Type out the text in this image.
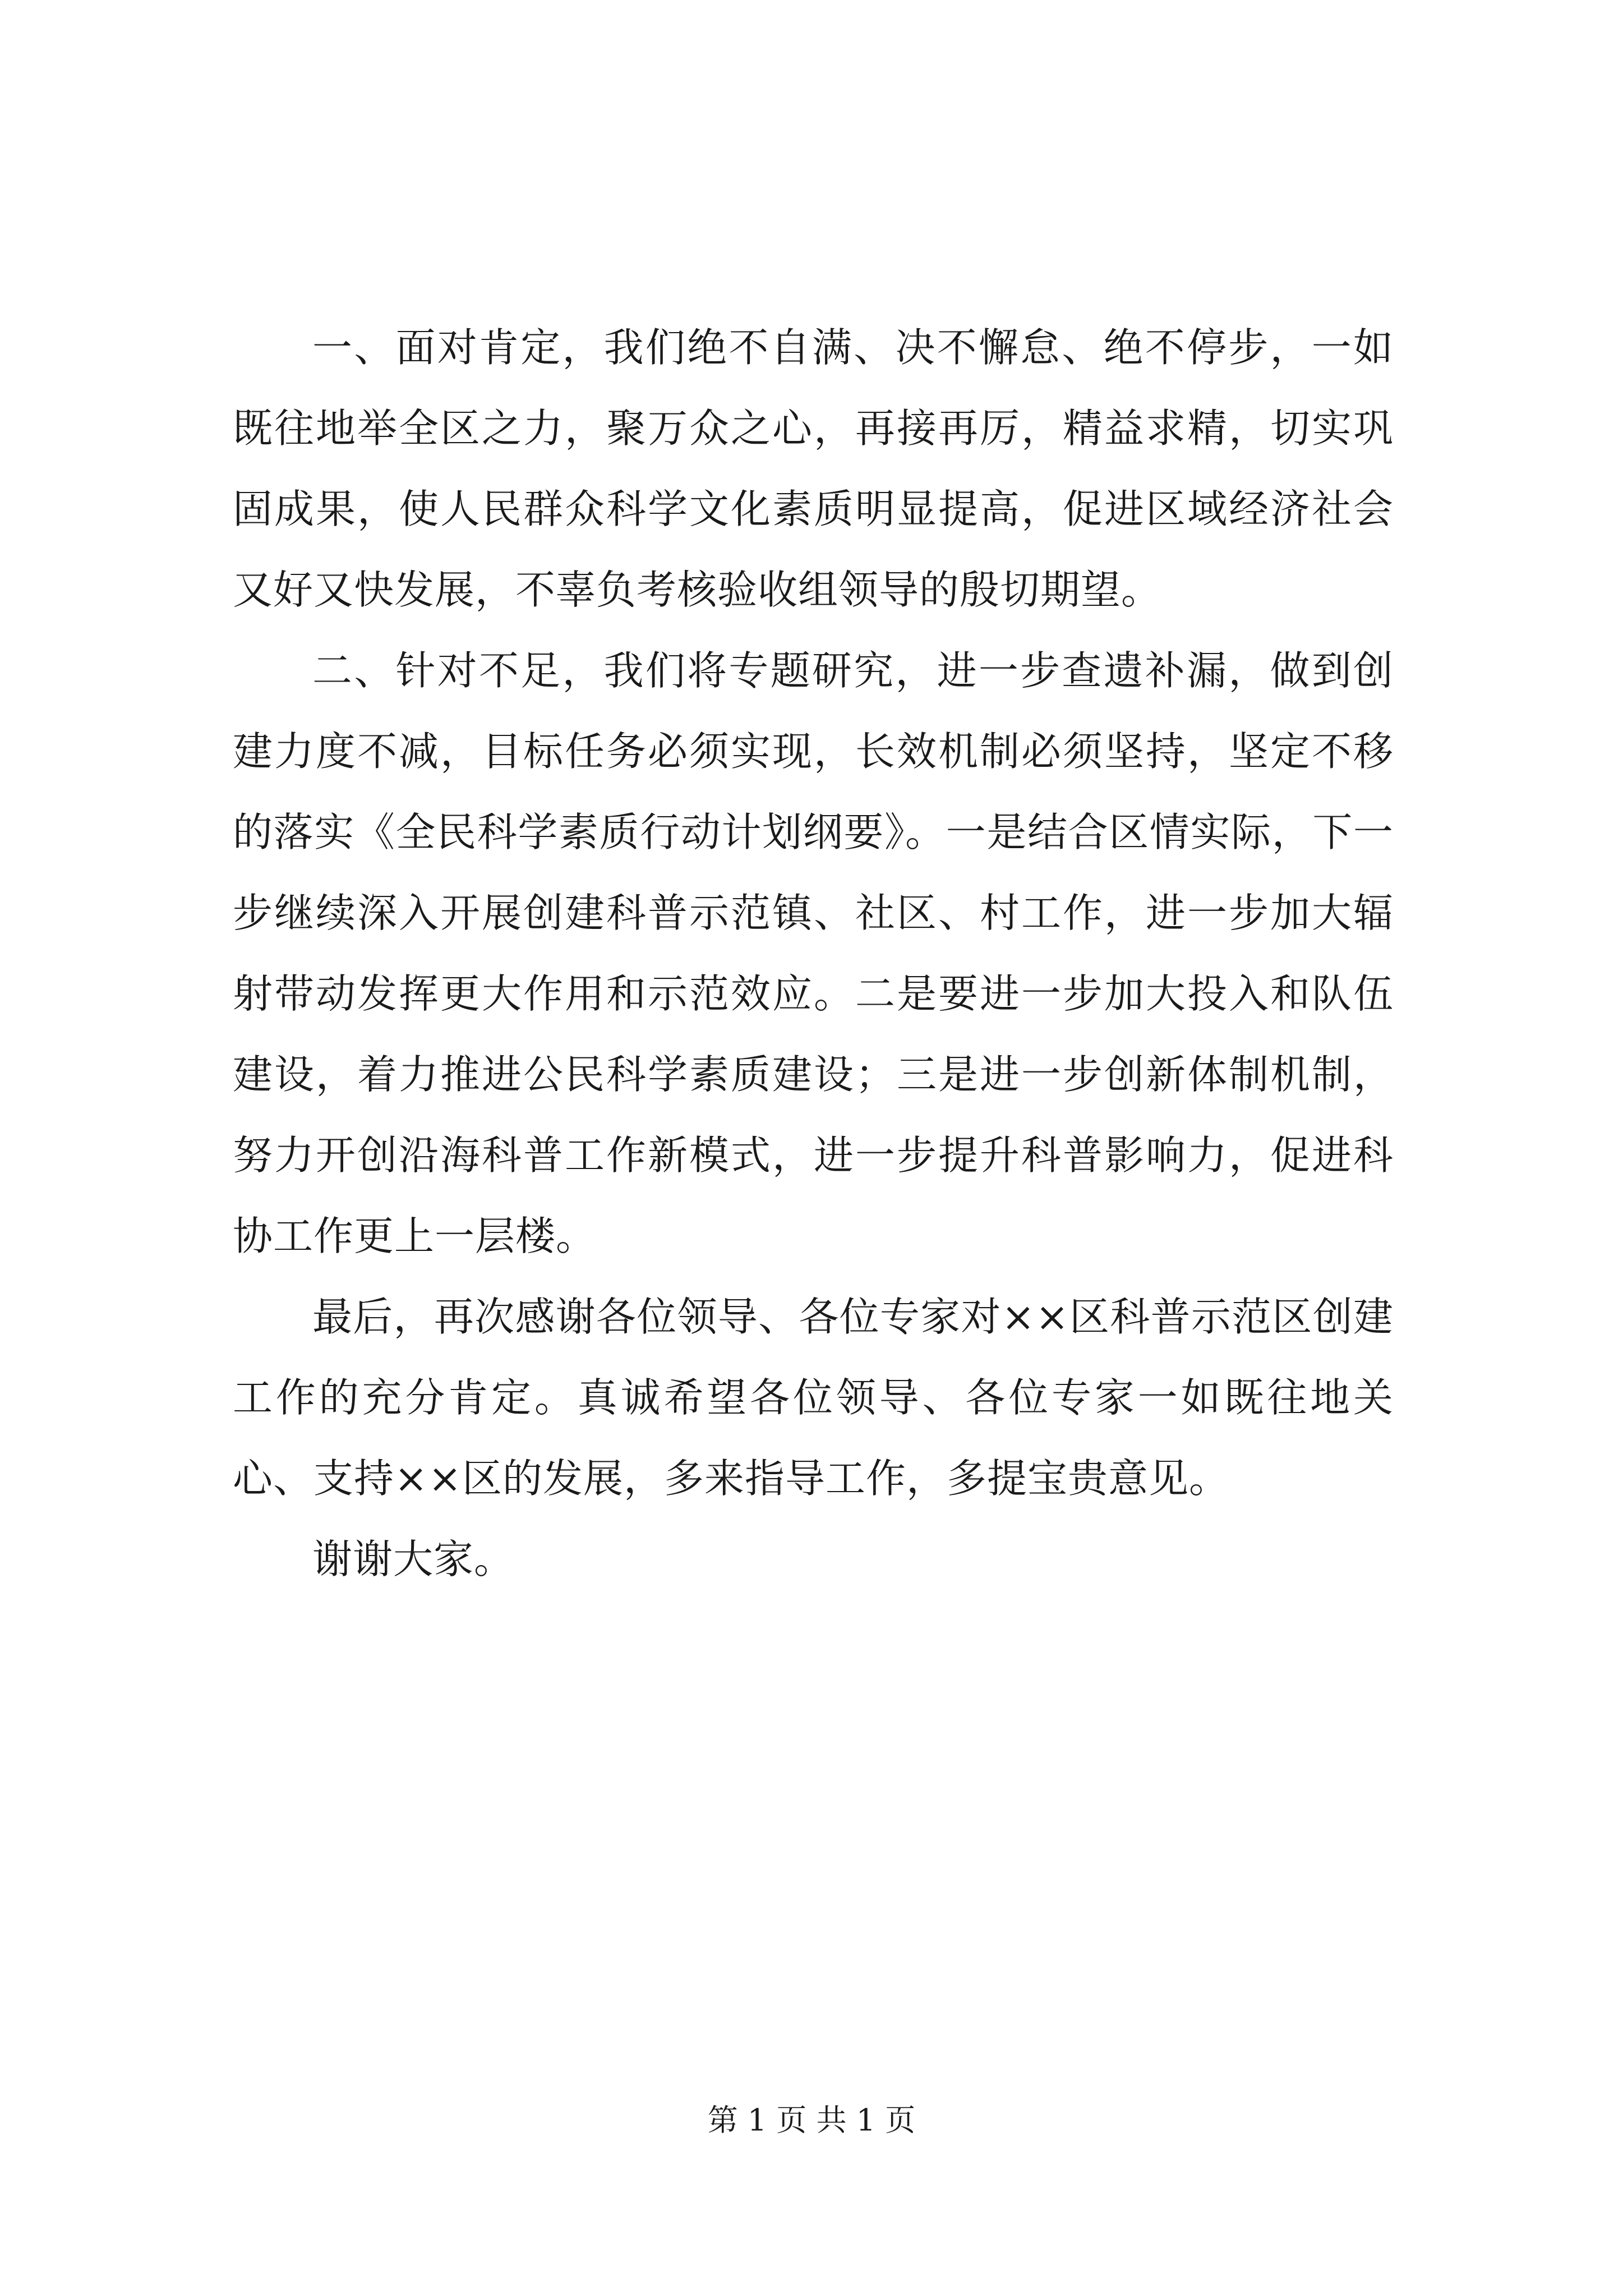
一、面对肯定，我们绝不自满、决不懈怠、绝不停步，一如既往地举全区之力，聚万众之心，再接再厉，精益求精，切实巩固成果，使人民群众科学文化素质明显提高，促进区域经济社会又好又快发展，不辜负考核验收组领导的殷切期望。

二、针对不足，我们将专题研究，进一步查遗补漏，做到创建力度不减，目标任务必须实现，长效机制必须坚持，坚定不移的落实《全民科学素质行动计划纲要》。一是结合区情实际，下一步继续深入开展创建科普示范镇、社区、村工作，进一步加大辐射带动发挥更大作用和示范效应。二是要进一步加大投入和队伍建设，着力推进公民科学素质建设；三是进一步创新体制机制，努力开创沿海科普工作新模式，进一步提升科普影响力，促进科协工作更上一层楼。

最后，再次感谢各位领导、各位专家对××区科普示范区创建工作的充分肯定。真诚希望各位领导、各位专家一如既往地关心、支持××区的发展，多来指导工作，多提宝贵意见。

谢谢大家。

第 1 页 共 1 页
